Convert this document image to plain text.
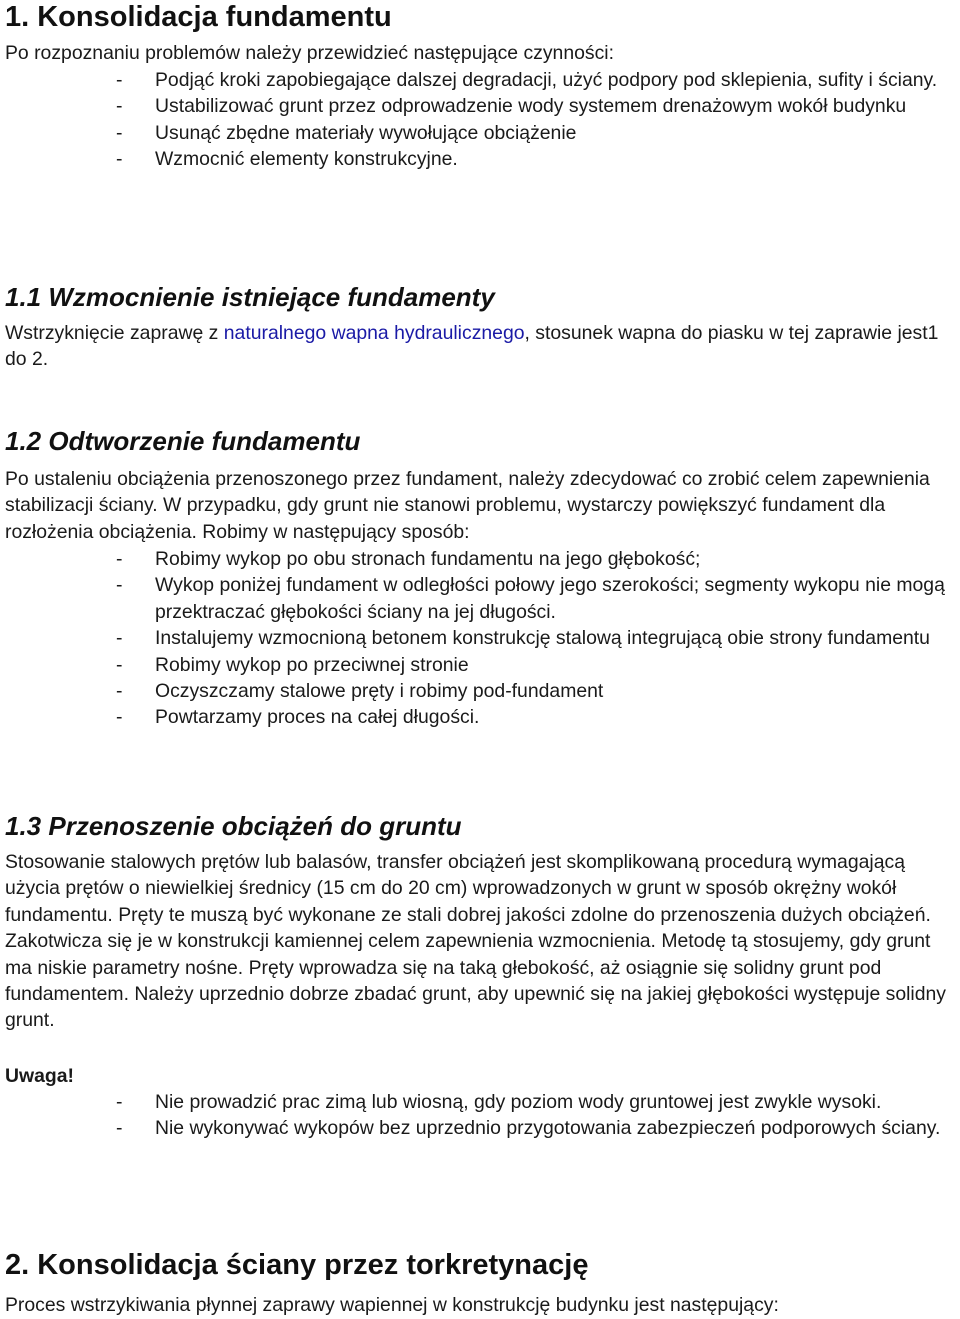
1. Konsolidacja fundamentu

Po rozpoznaniu problemów należy przewidzieć następujące czynności:

- Podjąć kroki zapobiegające dalszej degradacji, użyć podpory pod sklepienia, sufity i ściany.
- Ustabilizować grunt przez odprowadzenie wody systemem drenażowym wokół budynku
- Usunąć zbędne materiały wywołujące obciążenie
- Wzmocnić elementy konstrukcyjne.
1.1 Wzmocnienie istniejące fundamenty

Wstrzyknięcie zaprawę z naturalnego wapna hydraulicznego, stosunek wapna do piasku w tej zaprawie jest1 do 2.

1.2 Odtworzenie fundamentu

Po ustaleniu obciążenia przenoszonego przez fundament, należy zdecydować co zrobić celem zapewnienia stabilizacji ściany. W przypadku, gdy grunt nie stanowi problemu, wystarczy powiększyć fundament dla rozłożenia obciążenia. Robimy w następujący sposób:

- Robimy wykop po obu stronach fundamentu na jego głębokość;
- Wykop poniżej fundament w odległości połowy jego szerokości; segmenty wykopu nie mogą przektraczać głębokości ściany na jej długości.
- Instalujemy wzmocnioną betonem konstrukcję stalową integrującą obie strony fundamentu
- Robimy wykop po przeciwnej stronie
- Oczyszczamy stalowe pręty i robimy pod-fundament
- Powtarzamy proces na całej długości.
1.3 Przenoszenie obciążeń do gruntu

Stosowanie stalowych prętów lub balasów, transfer obciążeń jest skomplikowaną procedurą wymagającą użycia prętów o niewielkiej średnicy (15 cm do 20 cm) wprowadzonych w grunt w sposób okrężny wokół fundamentu. Pręty te muszą być wykonane ze stali dobrej jakości zdolne do przenoszenia dużych obciążeń. Zakotwicza się je w konstrukcji kamiennej celem zapewnienia wzmocnienia. Metodę tą stosujemy, gdy grunt ma niskie parametry nośne. Pręty wprowadza się na taką głebokość, aż osiągnie się solidny grunt pod fundamentem. Należy uprzednio dobrze zbadać grunt, aby upewnić się na jakiej głębokości występuje solidny grunt.

Uwaga!

- Nie prowadzić prac zimą lub wiosną, gdy poziom wody gruntowej jest zwykle wysoki.
- Nie wykonywać wykopów bez uprzednio przygotowania zabezpieczeń podporowych ściany.
2. Konsolidacja ściany przez torkretynację

Proces wstrzykiwania płynnej zaprawy wapiennej w konstrukcję budynku jest następujący:
